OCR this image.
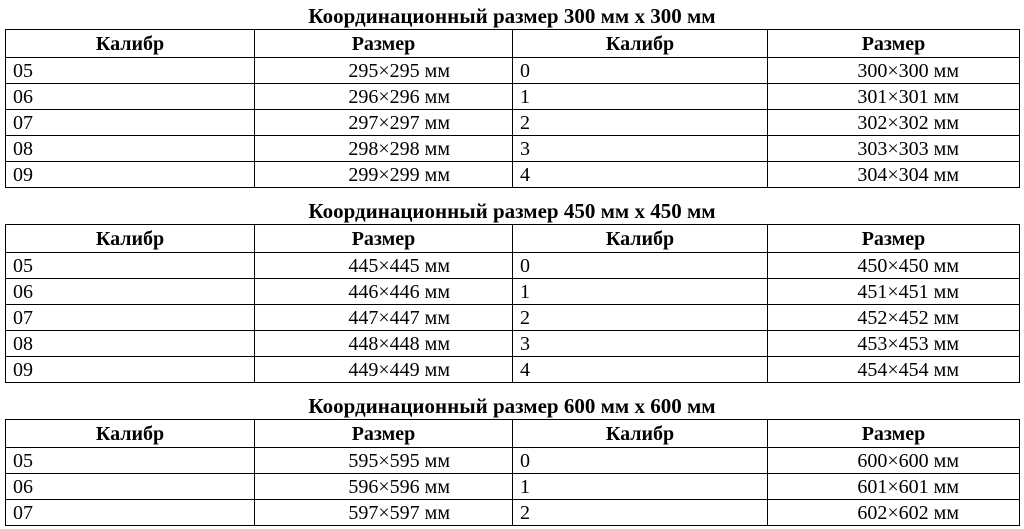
Координационный размер 300 мм х 300 мм
Калибр	Размер	Калибр	Размер
05	295×295 мм	0	300×300 мм
06	296×296 мм	1	301×301 мм
07	297×297 мм	2	302×302 мм
08	298×298 мм	3	303×303 мм
09	299×299 мм	4	304×304 мм
Координационный размер 450 мм х 450 мм
Калибр	Размер	Калибр	Размер
05	445×445 мм	0	450×450 мм
06	446×446 мм	1	451×451 мм
07	447×447 мм	2	452×452 мм
08	448×448 мм	3	453×453 мм
09	449×449 мм	4	454×454 мм
Координационный размер 600 мм х 600 мм
Калибр	Размер	Калибр	Размер
05	595×595 мм	0	600×600 мм
06	596×596 мм	1	601×601 мм
07	597×597 мм	2	602×602 мм
